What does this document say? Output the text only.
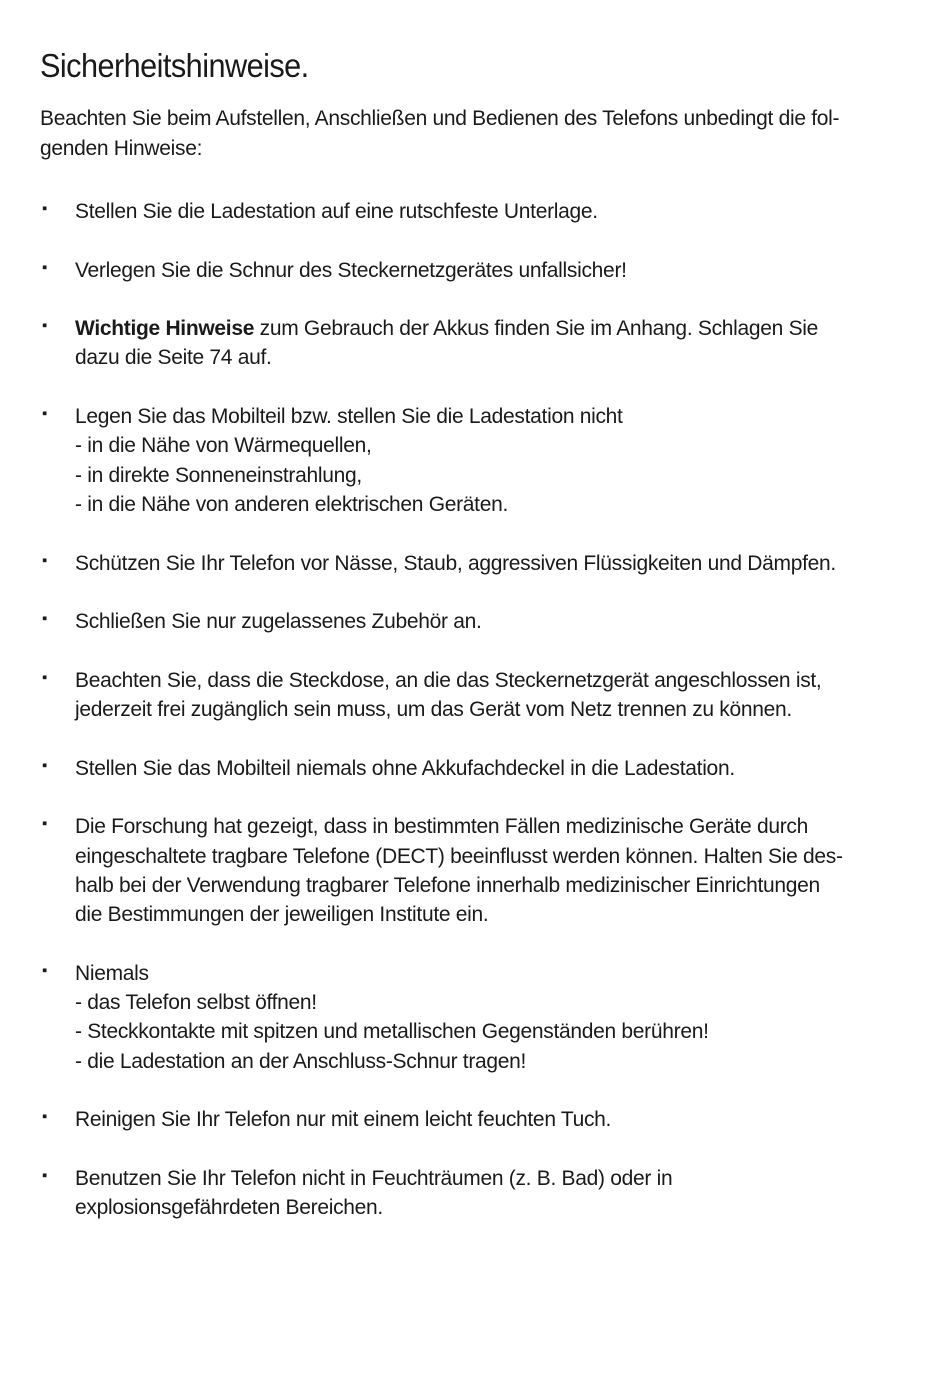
Sicherheitshinweise.

Beachten Sie beim Aufstellen, Anschließen und Bedienen des Telefons unbedingt die fol-
genden Hinweise:

▪ Stellen Sie die Ladestation auf eine rutschfeste Unterlage.
▪ Verlegen Sie die Schnur des Steckernetzgerätes unfallsicher!
▪ Wichtige Hinweise zum Gebrauch der Akkus finden Sie im Anhang. Schlagen Sie
dazu die Seite 74 auf.
▪ Legen Sie das Mobilteil bzw. stellen Sie die Ladestation nicht
- in die Nähe von Wärmequellen,
- in direkte Sonneneinstrahlung,
- in die Nähe von anderen elektrischen Geräten.
▪ Schützen Sie Ihr Telefon vor Nässe, Staub, aggressiven Flüssigkeiten und Dämpfen.
▪ Schließen Sie nur zugelassenes Zubehör an.
▪ Beachten Sie, dass die Steckdose, an die das Steckernetzgerät angeschlossen ist,
jederzeit frei zugänglich sein muss, um das Gerät vom Netz trennen zu können.
▪ Stellen Sie das Mobilteil niemals ohne Akkufachdeckel in die Ladestation.
▪ Die Forschung hat gezeigt, dass in bestimmten Fällen medizinische Geräte durch
eingeschaltete tragbare Telefone (DECT) beeinflusst werden können. Halten Sie des-
halb bei der Verwendung tragbarer Telefone innerhalb medizinischer Einrichtungen
die Bestimmungen der jeweiligen Institute ein.
▪ Niemals
- das Telefon selbst öffnen!
- Steckkontakte mit spitzen und metallischen Gegenständen berühren!
- die Ladestation an der Anschluss-Schnur tragen!
▪ Reinigen Sie Ihr Telefon nur mit einem leicht feuchten Tuch.
▪ Benutzen Sie Ihr Telefon nicht in Feuchträumen (z. B. Bad) oder in
explosionsgefährdeten Bereichen.
